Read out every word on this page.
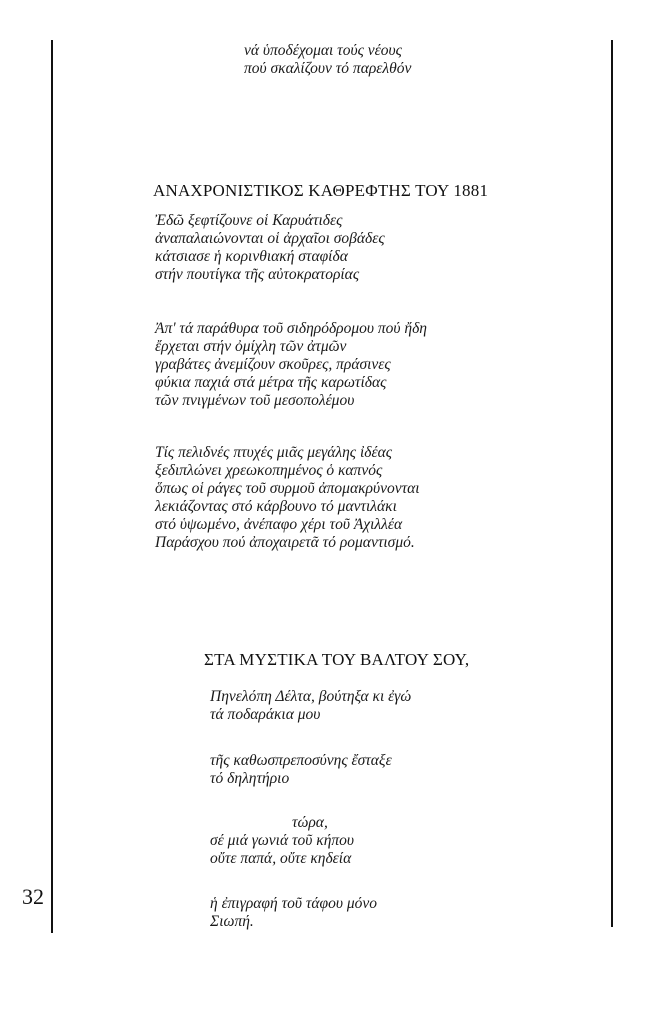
32
νά ὑποδέχομαι τούς νέους
πού σκαλίζουν τό παρελθόν
ΑΝΑΧΡΟΝΙΣΤΙΚΟΣ ΚΑΘΡΕΦΤΗΣ ΤΟΥ 1881
Ἐδῶ ξεφτίζουνε οἱ Καρυάτιδες
ἀναπαλαιώνονται οἱ ἀρχαῖοι σοβάδες
κάτσιασε ἡ κορινθιακή σταφίδα
στήν πουτίγκα τῆς αὐτοκρατορίας
Ἀπ' τά παράθυρα τοῦ σιδηρόδρομου πού ἤδη
ἔρχεται στήν ὀμίχλη τῶν ἀτμῶν
γραβάτες ἀνεμίζουν σκοῦρες, πράσινες
φύκια παχιά στά μέτρα τῆς καρωτίδας
τῶν πνιγμένων τοῦ μεσοπολέμου
Τίς πελιδνές πτυχές μιᾶς μεγάλης ἰδέας
ξεδιπλώνει χρεωκοπημένος ὁ καπνός
ὅπως οἱ ράγες τοῦ συρμοῦ ἀπομακρύνονται
λεκιάζοντας στό κάρβουνο τό μαντιλάκι
στό ὑψωμένο, ἀνέπαφο χέρι τοῦ Ἀχιλλέα
Παράσχου πού ἀποχαιρετᾶ τό ρομαντισμό.
ΣΤΑ ΜΥΣΤΙΚΑ ΤΟΥ ΒΑΛΤΟΥ ΣΟΥ,
Πηνελόπη Δέλτα, βούτηξα κι ἐγώ
τά ποδαράκια μου
τῆς καθωσπρεποσύνης ἔσταξε
τό δηλητήριο
τώρα,
σέ μιά γωνιά τοῦ κήπου
οὔτε παπά, οὔτε κηδεία
ἡ ἐπιγραφή τοῦ τάφου μόνο
Σιωπή.
